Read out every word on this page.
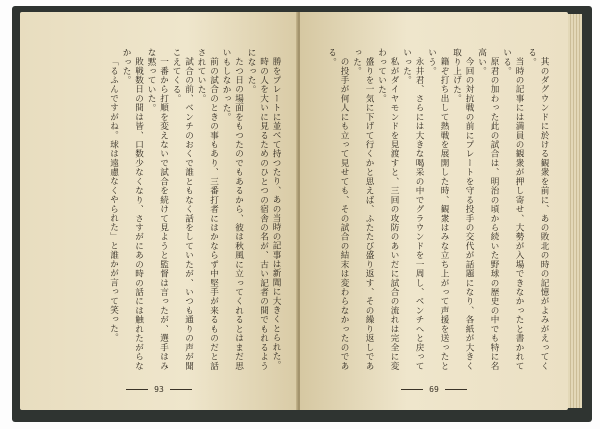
勝をプレートに並べて持つたり、あの当時の記事は新聞に大きくとられた。

時の人を大いに見るためのひとつの宿舎の名が、古い記者の間でもれるようになった。

たつ日の場面をもつたのでもあるから、彼は秋風に立ってくれるとはまだ思いもしなかった。

前の試合のときの事もあり、三番打者にはかならず中堅手が来るものだと話されていた。

試合の前、ベンチのおくで誰ともなく話をしていたが、いつも通りの声が聞こえてくる。

一番から打順を変えないで試合を続けて見ようと監督は言ったが、選手はみな黙っていた。

敗戦数日の間は皆、口数少なくなり、さすがにあの時の話には触れたがらなかった。

「るふんですがね。球は遠慮なくやられた」と誰かが言って笑った。

93

其のダグウンドに於ける観衆を前に、あの敗北の時の記憶がよみがえってくる。

当時の記事には満員の観衆が押し寄せ、大勢が入場できなかったと書かれている。

原君の加わった此の試合は、明治の頃から続いた野球の歴史の中でも特に名高い。

今回の対抗戦の前にプレートを守る投手の交代が話題になり、各紙が大きく取り上げた。

籍ぞ打ち出して熱戦を展開した時、観衆はみな立ち上がって声援を送ったという。

永井君、さらには大きな喝采の中でグラウンドを一周し、ベンチへと戻っていった。

私がダイヤモンドを見渡すと、三回の攻防のあいだに試合の流れは完全に変わっていた。

盛りを一気に下げて行くかと思えば、ふたたび盛り返す、その繰り返しであった。

の投手が何人にも立って見せても、その試合の結末は変わらなかったのである。

69
